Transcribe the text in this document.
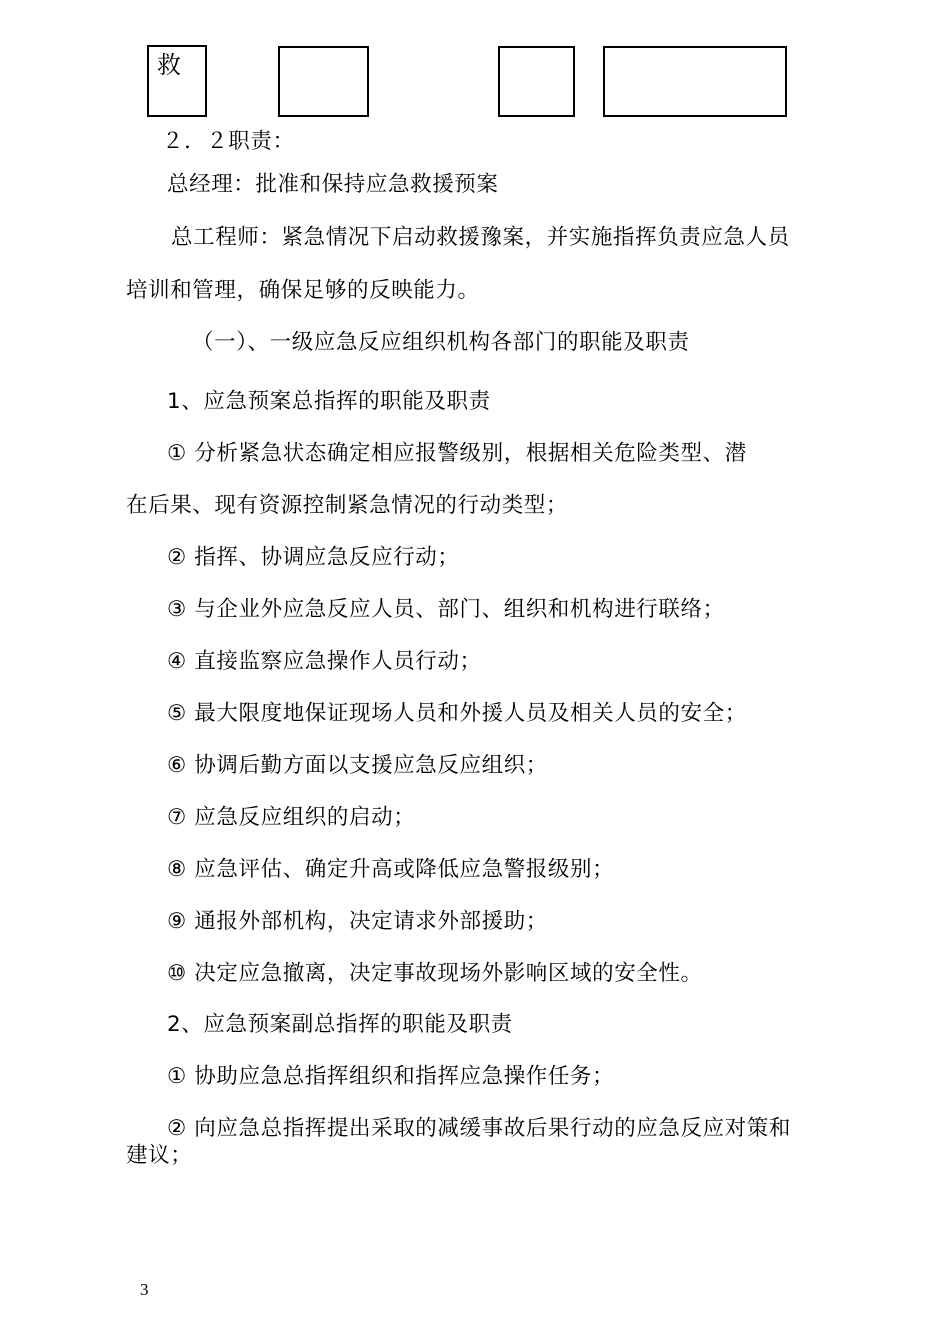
救
２．２职责：
总经理：批准和保持应急救援预案
总工程师：紧急情况下启动救援豫案，并实施指挥负责应急人员
培训和管理，确保足够的反映能力。
（一）、一级应急反应组织机构各部门的职能及职责
1、应急预案总指挥的职能及职责
① 分析紧急状态确定相应报警级别，根据相关危险类型、潜
在后果、现有资源控制紧急情况的行动类型；
② 指挥、协调应急反应行动；
③ 与企业外应急反应人员、部门、组织和机构进行联络；
④ 直接监察应急操作人员行动；
⑤ 最大限度地保证现场人员和外援人员及相关人员的安全；
⑥ 协调后勤方面以支援应急反应组织；
⑦ 应急反应组织的启动；
⑧ 应急评估、确定升高或降低应急警报级别；
⑨ 通报外部机构，决定请求外部援助；
⑩ 决定应急撤离，决定事故现场外影响区域的安全性。
2、应急预案副总指挥的职能及职责
① 协助应急总指挥组织和指挥应急操作任务；
② 向应急总指挥提出采取的减缓事故后果行动的应急反应对策和
建议；
3
